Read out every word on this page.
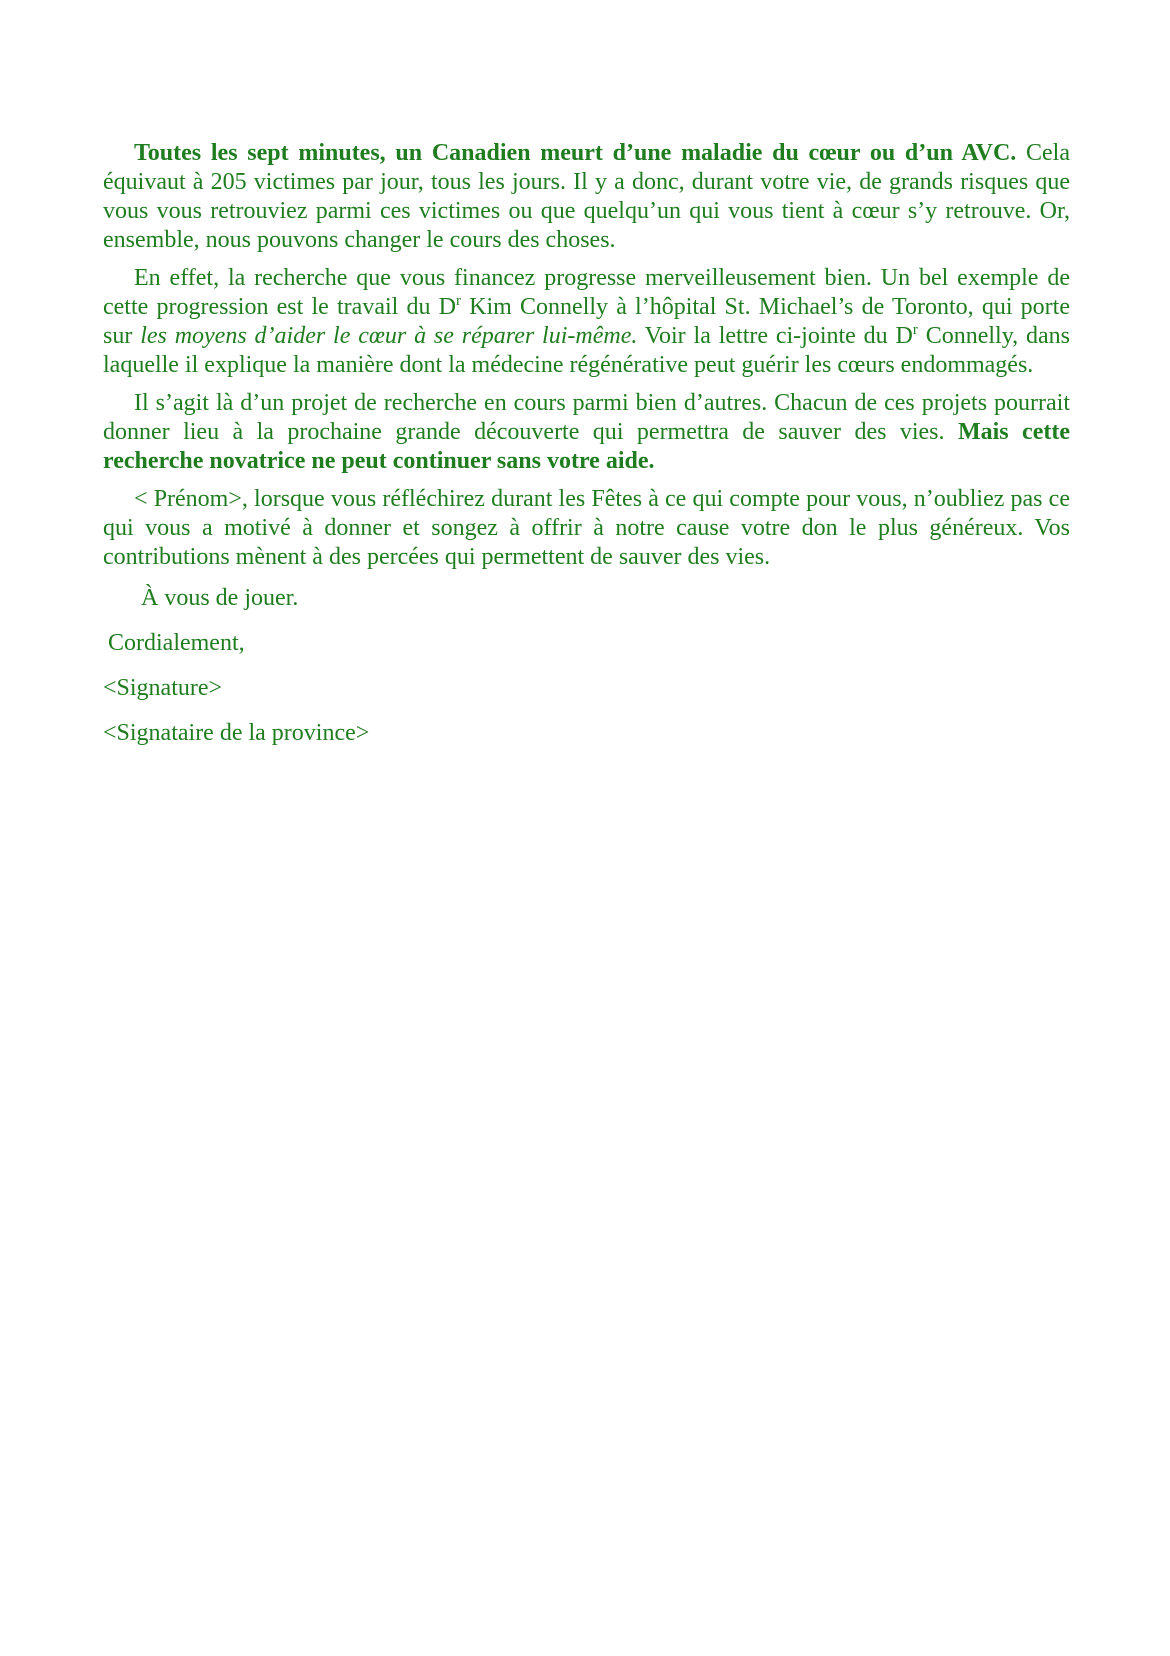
Toutes les sept minutes, un Canadien meurt d’une maladie du cœur ou d’un AVC. Cela équivaut à 205 victimes par jour, tous les jours. Il y a donc, durant votre vie, de grands risques que vous vous retrouviez parmi ces victimes ou que quelqu’un qui vous tient à cœur s’y retrouve. Or, ensemble, nous pouvons changer le cours des choses.

En effet, la recherche que vous financez progresse merveilleusement bien. Un bel exemple de cette progression est le travail du $D^r$ Kim Connelly à l’hôpital St. Michael’s de Toronto, qui porte sur les moyens d’aider le cœur à se réparer lui-même. Voir la lettre ci-jointe du $D^r$ Connelly, dans laquelle il explique la manière dont la médecine régénérative peut guérir les cœurs endommagés.

Il s’agit là d’un projet de recherche en cours parmi bien d’autres. Chacun de ces projets pourrait donner lieu à la prochaine grande découverte qui permettra de sauver des vies. Mais cette recherche novatrice ne peut continuer sans votre aide.

< Prénom>, lorsque vous réfléchirez durant les Fêtes à ce qui compte pour vous, n’oubliez pas ce qui vous a motivé à donner et songez à offrir à notre cause votre don le plus généreux. Vos contributions mènent à des percées qui permettent de sauver des vies.

À vous de jouer.

Cordialement,

<Signature>

<Signataire de la province>
